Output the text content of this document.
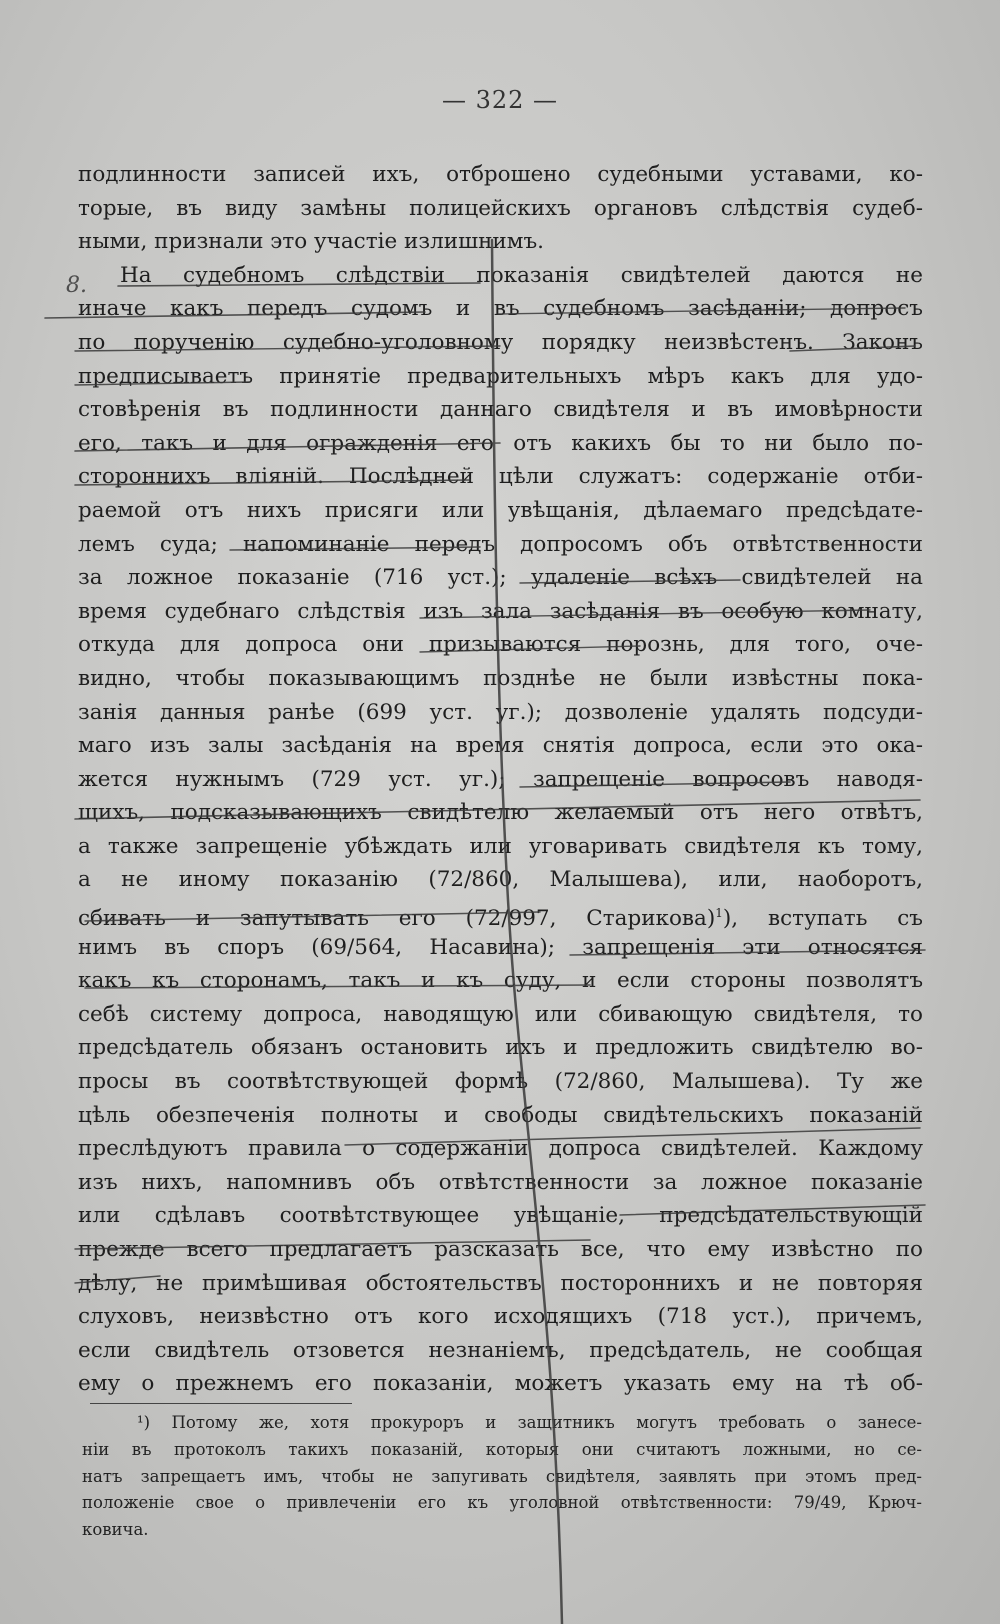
— 322 —
подлинности записей ихъ, отброшено судебными уставами, ко-
торые, въ виду замѣны полицейскихъ органовъ слѣдствія судеб-
ными, признали это участіе излишнимъ.
На судебномъ слѣдствіи показанія свидѣтелей даются не
иначе какъ передъ судомъ и въ судебномъ засѣданіи; допросъ
по порученію судебно-уголовному порядку неизвѣстенъ. Законъ
предписываетъ принятіе предварительныхъ мѣръ какъ для удо-
стовѣренія въ подлинности даннаго свидѣтеля и въ имовѣрности
его, такъ и для огражденія его отъ какихъ бы то ни было по-
стороннихъ вліяній. Послѣдней цѣли служатъ: содержаніе отби-
раемой отъ нихъ присяги или увѣщанія, дѣлаемаго предсѣдате-
лемъ суда; напоминаніе передъ допросомъ объ отвѣтственности
за ложное показаніе (716 уст.); удаленіе всѣхъ свидѣтелей на
время судебнаго слѣдствія изъ зала засѣданія въ особую комнату,
откуда для допроса они призываются порознь, для того, оче-
видно, чтобы показывающимъ позднѣе не были извѣстны пока-
занія данныя ранѣе (699 уст. уг.); дозволеніе удалять подсуди-
маго изъ залы засѣданія на время снятія допроса, если это ока-
жется нужнымъ (729 уст. уг.); запрещеніе вопросовъ наводя-
щихъ, подсказывающихъ свидѣтелю желаемый отъ него отвѣтъ,
а также запрещеніе убѣждать или уговаривать свидѣтеля къ тому,
а не иному показанію (72/860, Малышева), или, наоборотъ,
сбивать и запутывать его (72/997, Старикова)$^1$), вступать съ
нимъ въ споръ (69/564, Насавина); запрещенія эти относятся
какъ къ сторонамъ, такъ и къ суду, и если стороны позволятъ
себѣ систему допроса, наводящую или сбивающую свидѣтеля, то
предсѣдатель обязанъ остановить ихъ и предложить свидѣтелю во-
просы въ соотвѣтствующей формѣ (72/860, Малышева). Ту же
цѣль обезпеченія полноты и свободы свидѣтельскихъ показаній
преслѣдуютъ правила о содержаніи допроса свидѣтелей. Каждому
изъ нихъ, напомнивъ объ отвѣтственности за ложное показаніе
или сдѣлавъ соотвѣтствующее увѣщаніе, предсѣдательствующій
прежде всего предлагаетъ разсказать все, что ему извѣстно по
дѣлу, не примѣшивая обстоятельствъ постороннихъ и не повторяя
слуховъ, неизвѣстно отъ кого исходящихъ (718 уст.), причемъ,
если свидѣтель отзовется незнаніемъ, предсѣдатель, не сообщая
ему о прежнемъ его показаніи, можетъ указать ему на тѣ об-
¹) Потому же, хотя прокуроръ и защитникъ могутъ требовать о занесе-
ніи въ протоколъ такихъ показаній, которыя они считаютъ ложными, но се-
натъ запрещаетъ имъ, чтобы не запугивать свидѣтеля, заявлять при этомъ пред-
положеніе свое о привлеченіи его къ уголовной отвѣтственности: 79/49, Крюч-
ковича.
8.
